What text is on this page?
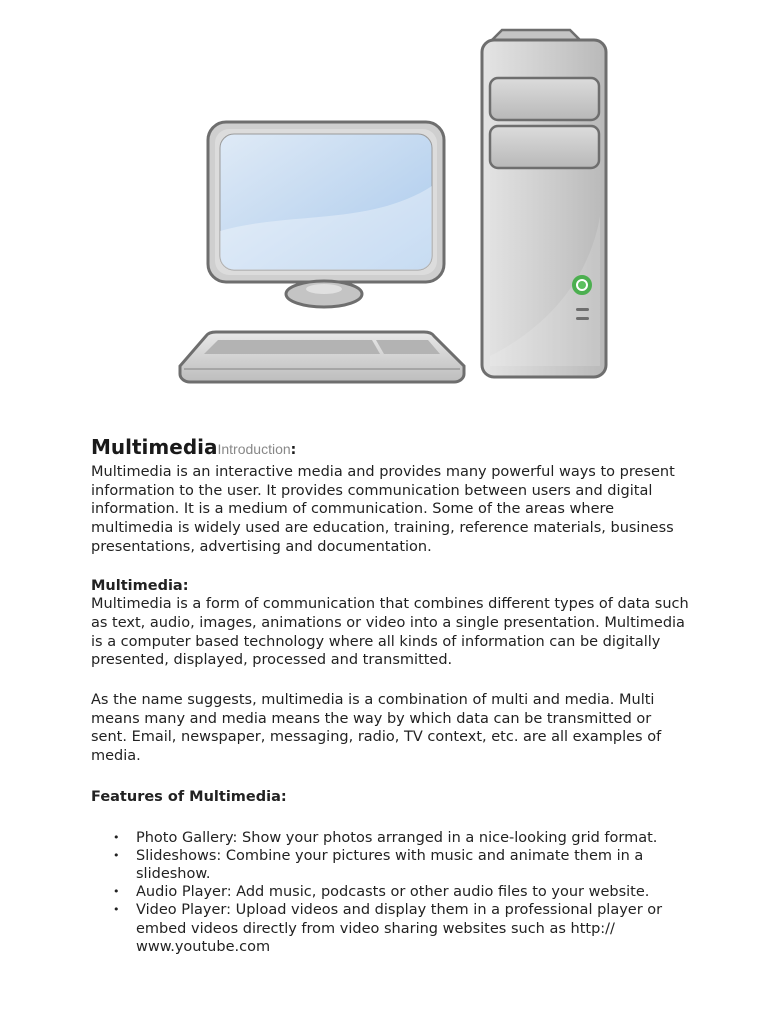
MultimediaIntroduction:

Multimedia is an interactive media and provides many powerful ways to present information to the user. It provides communication between users and digital information. It is a medium of communication. Some of the areas where multimedia is widely used are education, training, reference materials, business presentations, advertising and documentation.

Multimedia:

Multimedia is a form of communication that combines different types of data such as text, audio, images, animations or video into a single presentation. Multimedia is a computer based technology where all kinds of information can be digitally presented, displayed, processed and transmitted.

As the name suggests, multimedia is a combination of multi and media. Multi means many and media means the way by which data can be transmitted or sent. Email, newspaper, messaging, radio, TV context, etc. are all examples of media.

Features of Multimedia:

• Photo Gallery: Show your photos arranged in a nice-looking grid format.
• Slideshows: Combine your pictures with music and animate them in a slideshow.
• Audio Player: Add music, podcasts or other audio files to your website.
• Video Player: Upload videos and display them in a professional player or embed videos directly from video sharing websites such as http:// www.youtube.com
